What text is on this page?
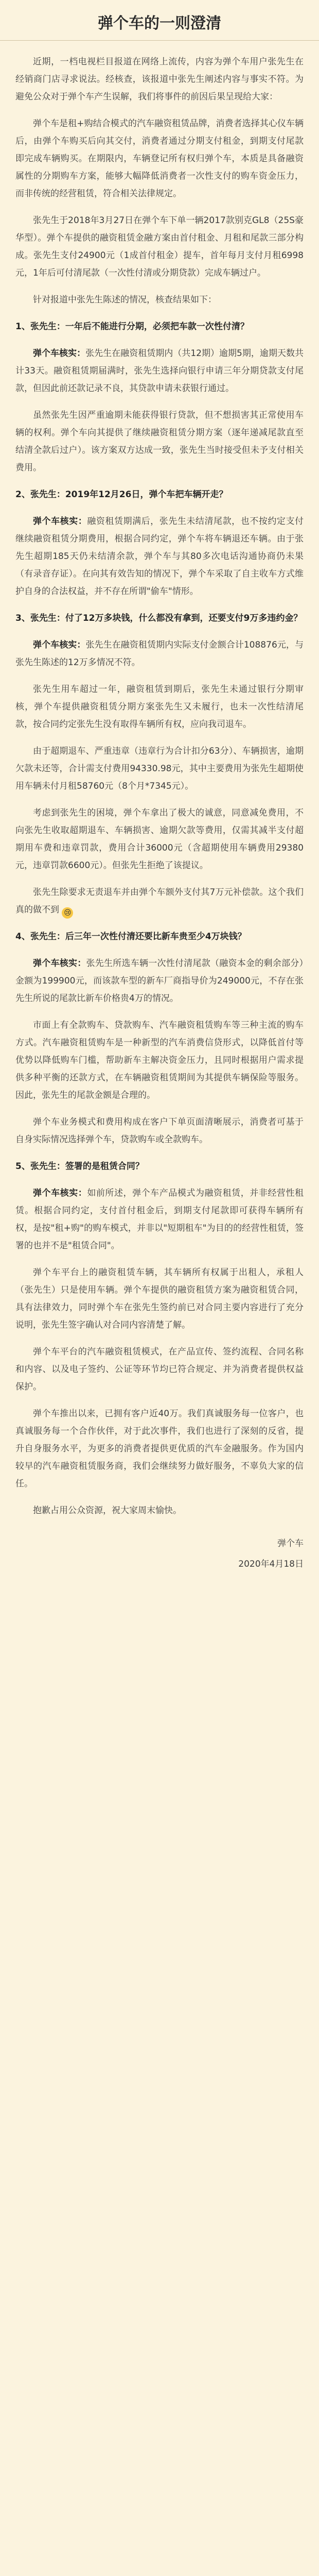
弹个车的一则澄清

近期，一档电视栏目报道在网络上流传，内容为弹个车用户张先生在经销商门店寻求说法。经核查，该报道中张先生阐述内容与事实不符。为避免公众对于弹个车产生误解，我们将事件的前因后果呈现给大家：

弹个车是租+购结合模式的汽车融资租赁品牌，消费者选择其心仪车辆后，由弹个车购买后向其交付，消费者通过分期支付租金，到期支付尾款即完成车辆购买。在期限内，车辆登记所有权归弹个车，本质是具备融资属性的分期购车方案，能够大幅降低消费者一次性支付的购车资金压力，而非传统的经营租赁，符合相关法律规定。

张先生于2018年3月27日在弹个车下单一辆2017款别克GL8（25S豪华型）。弹个车提供的融资租赁金融方案由首付租金、月租和尾款三部分构成。张先生支付24900元（1成首付租金）提车，首年每月支付月租6998元，1年后可付清尾款（一次性付清或分期贷款）完成车辆过户。

针对报道中张先生陈述的情况，核查结果如下：

1、张先生：一年后不能进行分期，必须把车款一次性付清？

弹个车核实：张先生在融资租赁期内（共12期）逾期5期，逾期天数共计33天。融资租赁期届满时，张先生选择向银行申请三年分期贷款支付尾款，但因此前还款记录不良，其贷款申请未获银行通过。

虽然张先生因严重逾期未能获得银行贷款，但不想损害其正常使用车辆的权利。弹个车向其提供了继续融资租赁分期方案（逐年递减尾款直至结清全款后过户）。该方案双方达成一致，张先生当时接受但未予支付相关费用。

2、张先生：2019年12月26日，弹个车把车辆开走？

弹个车核实：融资租赁期满后，张先生未结清尾款，也不按约定支付继续融资租赁分期费用，根据合同约定，弹个车将车辆退还车辆。由于张先生超期185天仍未结清余款，弹个车与其80多次电话沟通协商仍未果（有录音存证）。在向其有效告知的情况下，弹个车采取了自主收车方式维护自身的合法权益，并不存在所谓"偷车"情形。

3、张先生：付了12万多块钱，什么都没有拿到，还要支付9万多违约金？

弹个车核实：张先生在融资租赁期内实际支付金额合计108876元，与张先生陈述的12万多情况不符。

张先生用车超过一年，融资租赁到期后，张先生未通过银行分期审核，弹个车提供融资租赁分期方案张先生又未履行，也未一次性结清尾款，按合同约定张先生没有取得车辆所有权，应向我司退车。

由于超期退车、严重违章（违章行为合计扣分63分）、车辆损害，逾期欠款未还等，合计需支付费用94330.98元，其中主要费用为张先生超期使用车辆未付月租58760元（8个月*7345元）。

考虑到张先生的困境，弹个车拿出了极大的诚意，同意减免费用，不向张先生收取超期退车、车辆损害、逾期欠款等费用，仅需其减半支付超期用车费和违章罚款，费用合计36000元（含超期使用车辆费用29380元，违章罚款6600元）。但张先生拒绝了该提议。

张先生除要求无责退车并由弹个车额外支付其7万元补偿款。这个我们真的做不到 😢

4、张先生：后三年一次性付清还要比新车贵至少4万块钱？

弹个车核实：张先生所选车辆一次性付清尾款（融资本金的剩余部分）金额为199900元，而该款车型的新车厂商指导价为249000元，不存在张先生所说的尾款比新车价格贵4万的情况。

市面上有全款购车、贷款购车、汽车融资租赁购车等三种主流的购车方式。汽车融资租赁购车是一种新型的汽车消费信贷形式，以降低首付等优势以降低购车门槛，帮助新车主解决资金压力，且同时根据用户需求提供多种平衡的还款方式，在车辆融资租赁期间为其提供车辆保险等服务。因此，张先生的尾款金额是合理的。

弹个车业务模式和费用构成在客户下单页面清晰展示，消费者可基于自身实际情况选择弹个车，贷款购车或全款购车。

5、张先生：签署的是租赁合同？

弹个车核实：如前所述，弹个车产品模式为融资租赁，并非经营性租赁。根据合同约定，支付首付租金后，到期支付尾款即可获得车辆所有权，是按"租+购"的购车模式，并非以"短期租车"为目的的经营性租赁，签署的也并不是"租赁合同"。

弹个车平台上的融资租赁车辆，其车辆所有权属于出租人，承租人（张先生）只是使用车辆。弹个车提供的融资租赁方案为融资租赁合同，具有法律效力，同时弹个车在张先生签约前已对合同主要内容进行了充分说明，张先生签字确认对合同内容清楚了解。

弹个车平台的汽车融资租赁模式，在产品宣传、签约流程、合同名称和内容、以及电子签约、公证等环节均已符合规定、并为消费者提供权益保护。

弹个车推出以来，已拥有客户近40万。我们真诚服务每一位客户，也真诚服务每一个合作伙伴，对于此次事件，我们也进行了深刻的反省，提升自身服务水平，为更多的消费者提供更优质的汽车金融服务。作为国内较早的汽车融资租赁服务商，我们会继续努力做好服务，不辜负大家的信任。

抱歉占用公众资源，祝大家周末愉快。

弹个车

2020年4月18日
